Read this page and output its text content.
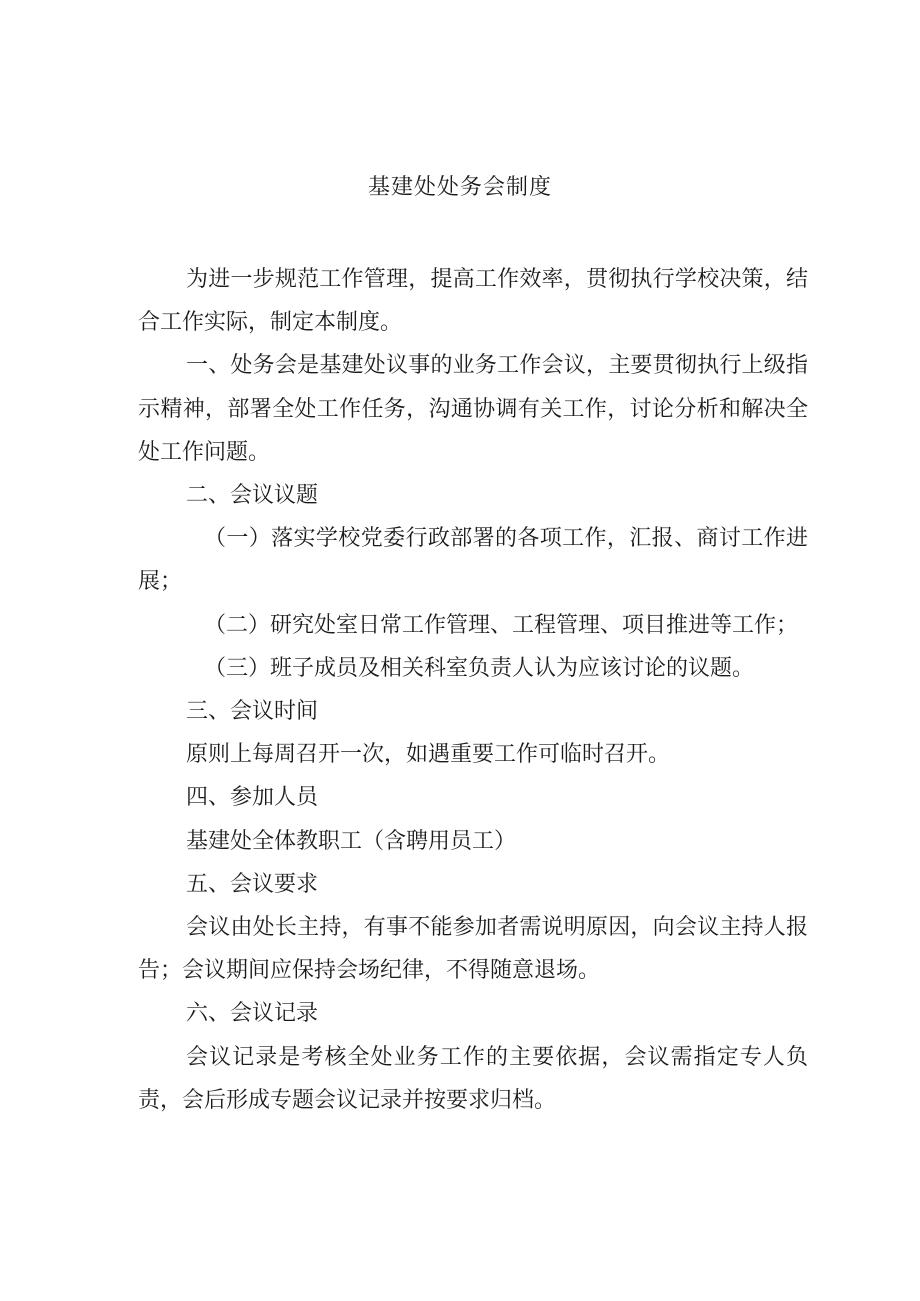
基建处处务会制度

为进一步规范工作管理，提高工作效率，贯彻执行学校决策，结合工作实际，制定本制度。

一、处务会是基建处议事的业务工作会议，主要贯彻执行上级指示精神，部署全处工作任务，沟通协调有关工作，讨论分析和解决全处工作问题。

二、会议议题

（一）落实学校党委行政部署的各项工作，汇报、商讨工作进展；

（二）研究处室日常工作管理、工程管理、项目推进等工作；

（三）班子成员及相关科室负责人认为应该讨论的议题。

三、会议时间

原则上每周召开一次，如遇重要工作可临时召开。

四、参加人员

基建处全体教职工（含聘用员工）

五、会议要求

会议由处长主持，有事不能参加者需说明原因，向会议主持人报告；会议期间应保持会场纪律，不得随意退场。

六、会议记录

会议记录是考核全处业务工作的主要依据，会议需指定专人负责，会后形成专题会议记录并按要求归档。
